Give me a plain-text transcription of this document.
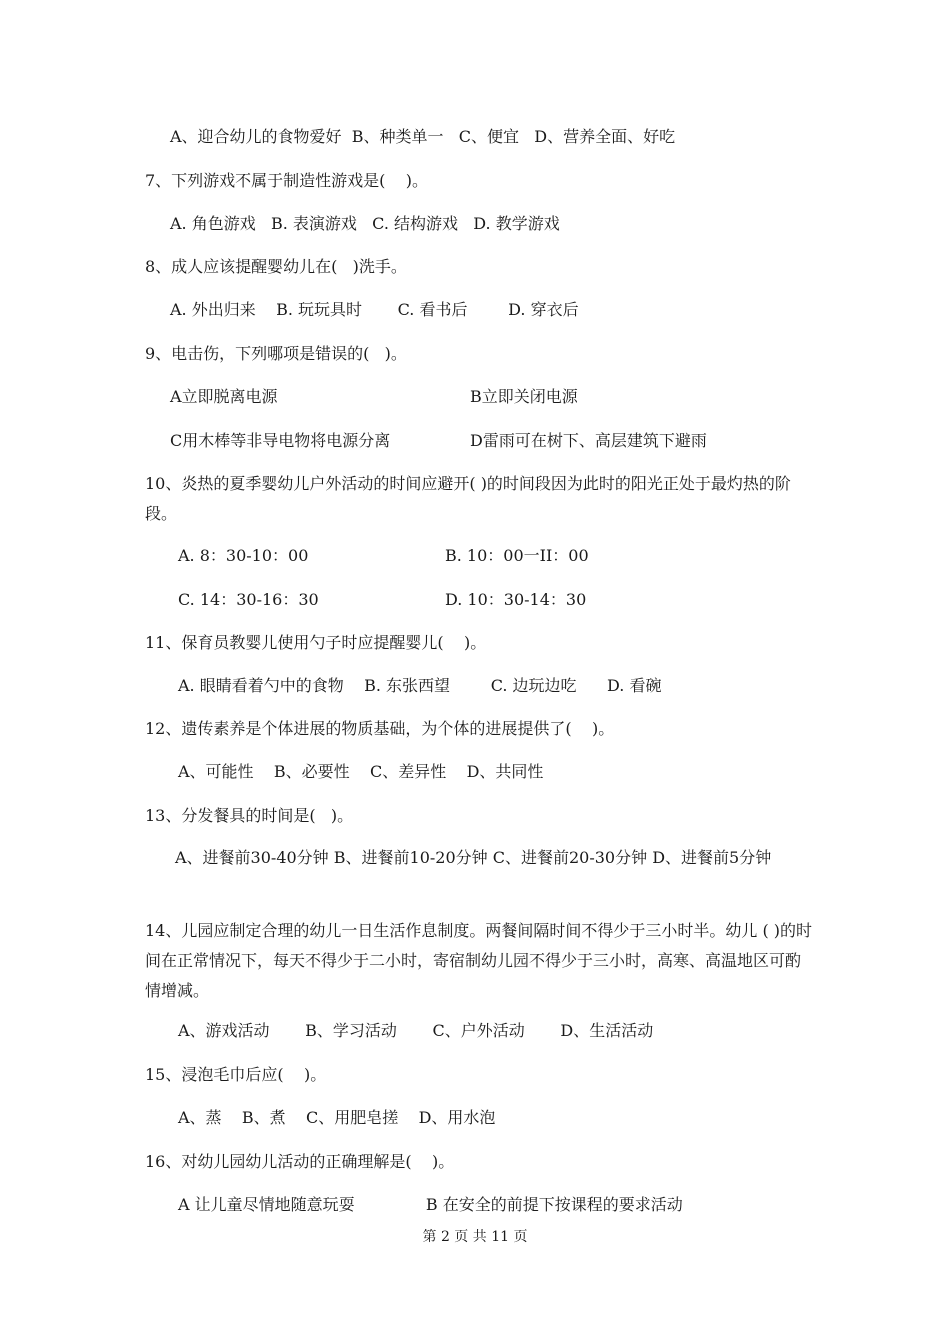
A、迎合幼儿的食物爱好  B、种类单一   C、便宜   D、营养全面、好吃
7、下列游戏不属于制造性游戏是(    )。
A. 角色游戏   B. 表演游戏   C. 结构游戏   D. 教学游戏
8、成人应该提醒婴幼儿在(   )洗手。
A. 外出归来    B. 玩玩具时       C. 看书后        D. 穿衣后
9、电击伤，下列哪项是错误的(   )。
A立即脱离电源	B立即关闭电源
C用木棒等非导电物将电源分离	D雷雨可在树下、高层建筑下避雨
10、炎热的夏季婴幼儿户外活动的时间应避开( )的时间段因为此时的阳光正处于最灼热的阶段。
A. 8：30-10：00	B. 10：00一II：00
C. 14：30-16：30	D. 10：30-14：30
11、保育员教婴儿使用勺子时应提醒婴儿(    )。
A. 眼睛看着勺中的食物    B. 东张西望        C. 边玩边吃      D. 看碗
12、遗传素养是个体进展的物质基础，为个体的进展提供了(    )。
A、可能性    B、必要性    C、差异性    D、共同性
13、分发餐具的时间是(   )。
A、进餐前30-40分钟 B、进餐前10-20分钟 C、进餐前20-30分钟 D、进餐前5分钟
14、儿园应制定合理的幼儿一日生活作息制度。两餐间隔时间不得少于三小时半。幼儿 ( )的时间在正常情况下，每天不得少于二小时，寄宿制幼儿园不得少于三小时，高寒、高温地区可酌情增减。
A、游戏活动       B、学习活动       C、户外活动       D、生活活动
15、浸泡毛巾后应(    )。
A、蒸    B、煮    C、用肥皂搓    D、用水泡
16、对幼儿园幼儿活动的正确理解是(    )。
A 让儿童尽情地随意玩耍              B 在安全的前提下按课程的要求活动
第 2 页 共 11 页
